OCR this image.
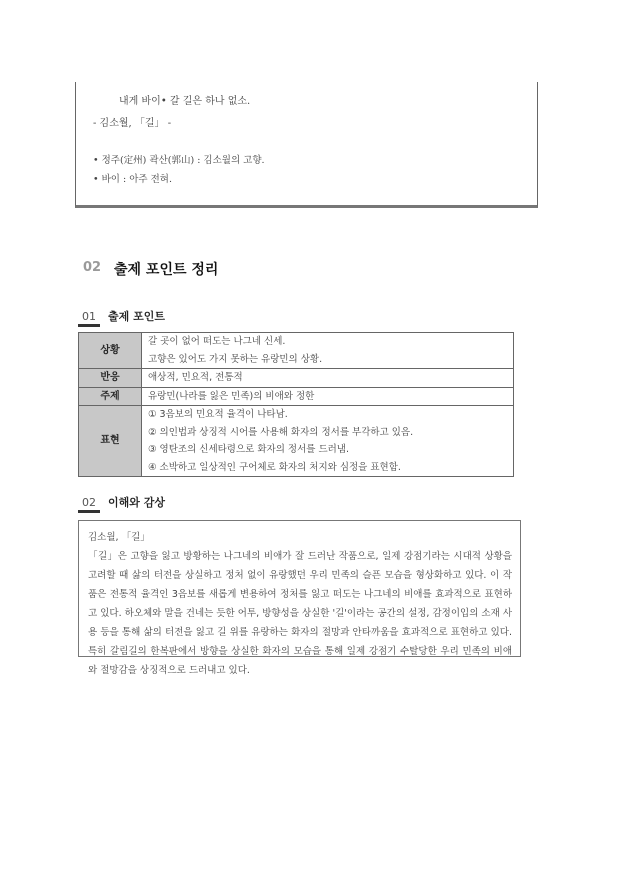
내게 바이• 갈 길은 하나 없소.
- 김소월, 「길」 -
• 정주(定州) 곽산(郭山) : 김소월의 고향.
• 바이 : 아주 전혀.
02 출제 포인트 정리
01 출제 포인트
상황	갈 곳이 없어 떠도는 나그네 신세.
고향은 있어도 가지 못하는 유랑민의 상황.

반응	애상적, 민요적, 전통적
주제	유랑민(나라를 잃은 민족)의 비애와 정한
표현	① 3음보의 민요적 율격이 나타남.
② 의인법과 상징적 시어를 사용해 화자의 정서를 부각하고 있음.
③ 영탄조의 신세타령으로 화자의 정서를 드러냄.
④ 소박하고 일상적인 구어체로 화자의 처지와 심정을 표현함.
02 이해와 감상

김소월, 「길」

「길」은 고향을 잃고 방황하는 나그네의 비애가 잘 드러난 작품으로, 일제 강점기라는 시대적 상황을 고려할 때 삶의 터전을 상실하고 정처 없이 유랑했던 우리 민족의 슬픈 모습을 형상화하고 있다. 이 작품은 전통적 율격인 3음보를 새롭게 변용하여 정처를 잃고 떠도는 나그네의 비애를 효과적으로 표현하고 있다. 하오체와 말을 건네는 듯한 어투, 방향성을 상실한 '길'이라는 공간의 설정, 감정이입의 소재 사용 등을 통해 삶의 터전을 잃고 길 위를 유랑하는 화자의 절망과 안타까움을 효과적으로 표현하고 있다. 특히 갈림길의 한복판에서 방향을 상실한 화자의 모습을 통해 일제 강점기 수탈당한 우리 민족의 비애와 절망감을 상징적으로 드러내고 있다.
